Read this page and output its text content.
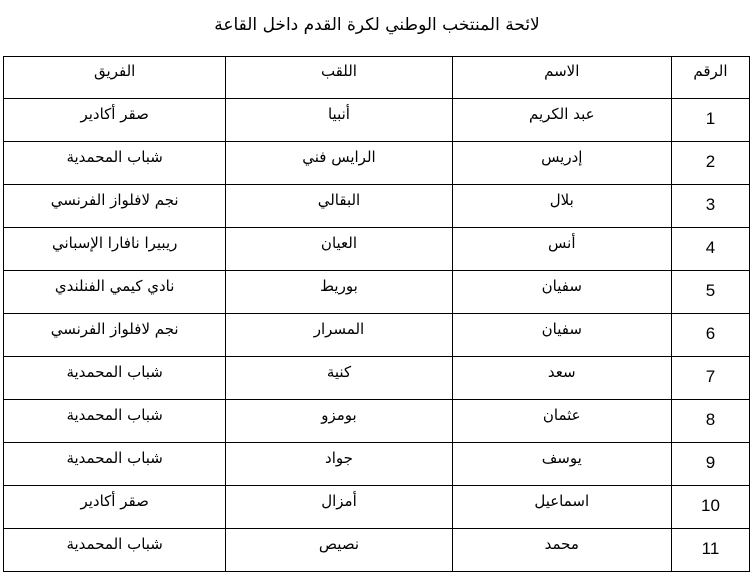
لائحة المنتخب الوطني لكرة القدم داخل القاعة
الرقم	الاسم	اللقب	الفريق

1	عبد الكريم	أنبيا	صقر أكادير

2	إدريس	الرايس فني	شباب المحمدية

3	بلال	البقالي	نجم لافلواز الفرنسي

4	أنس	العيان	ريبيرا نافارا الإسباني

5	سفيان	بوريط	نادي كيمي الفنلندي

6	سفيان	المسرار	نجم لافلواز الفرنسي

7	سعد	كنية	شباب المحمدية

8	عثمان	بومزو	شباب المحمدية

9	يوسف	جواد	شباب المحمدية

10	اسماعيل	أمزال	صقر أكادير

11	محمد	نصيص	شباب المحمدية
